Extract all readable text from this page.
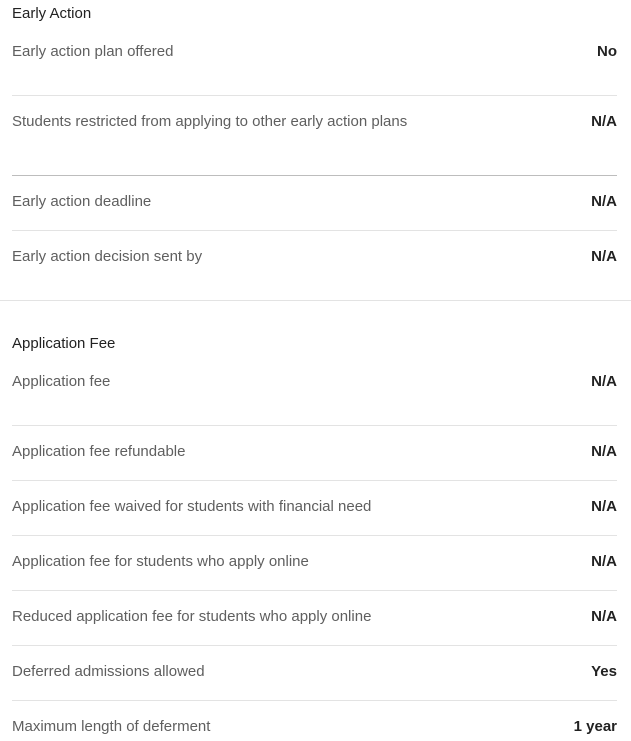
Early Action
Early action plan offered	No
Students restricted from applying to other early action plans	N/A
Early action deadline	N/A
Early action decision sent by	N/A
Application Fee
Application fee	N/A
Application fee refundable	N/A
Application fee waived for students with financial need	N/A
Application fee for students who apply online	N/A
Reduced application fee for students who apply online	N/A
Deferred admissions allowed	Yes
Maximum length of deferment	1 year
